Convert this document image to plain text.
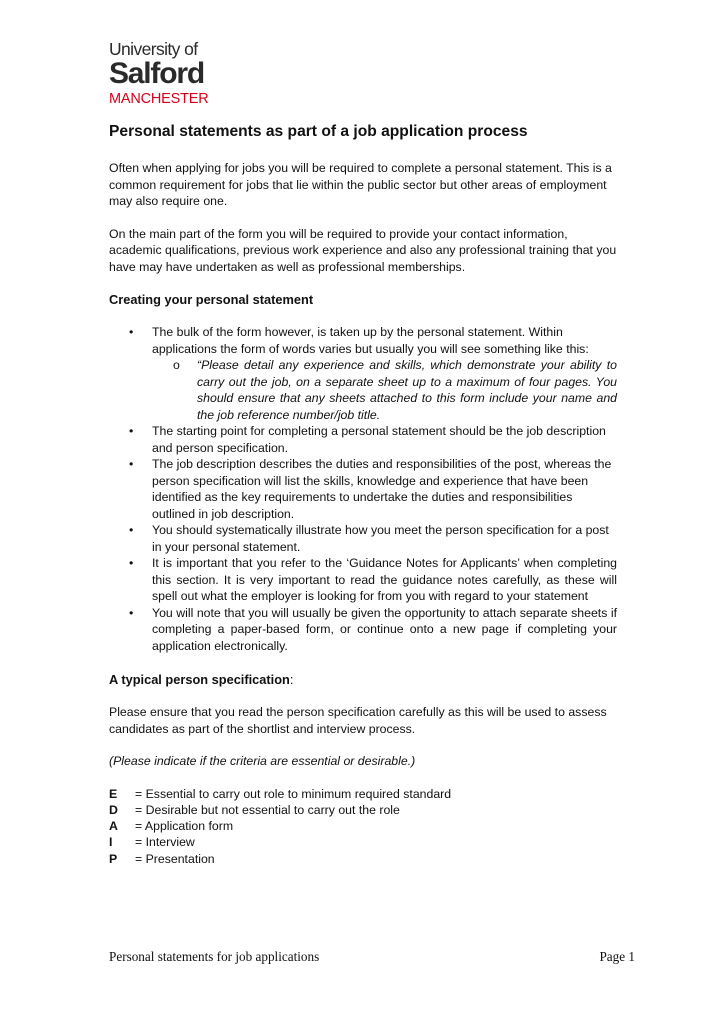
University of
Salford
MANCHESTER
Personal statements as part of a job application process

Often when applying for jobs you will be required to complete a personal statement. This is a common requirement for jobs that lie within the public sector but other areas of employment may also require one.

On the main part of the form you will be required to provide your contact information, academic qualifications, previous work experience and also any professional training that you have may have undertaken as well as professional memberships.

Creating your personal statement
• The bulk of the form however, is taken up by the personal statement. Within applications the form of words varies but usually you will see something like this:
o “Please detail any experience and skills, which demonstrate your ability to carry out the job, on a separate sheet up to a maximum of four pages. You should ensure that any sheets attached to this form include your name and the job reference number/job title.
• The starting point for completing a personal statement should be the job description and person specification.
• The job description describes the duties and responsibilities of the post, whereas the person specification will list the skills, knowledge and experience that have been identified as the key requirements to undertake the duties and responsibilities outlined in job description.
• You should systematically illustrate how you meet the person specification for a post in your personal statement.
• It is important that you refer to the ‘Guidance Notes for Applicants’ when completing this section. It is very important to read the guidance notes carefully, as these will spell out what the employer is looking for from you with regard to your statement
• You will note that you will usually be given the opportunity to attach separate sheets if completing a paper-based form, or continue onto a new page if completing your application electronically.
A typical person specification:

Please ensure that you read the person specification carefully as this will be used to assess candidates as part of the shortlist and interview process.

(Please indicate if the criteria are essential or desirable.)

E	= Essential to carry out role to minimum required standard
D	= Desirable but not essential to carry out the role
A	= Application form
I	= Interview
P	= Presentation
Personal statements for job applications	Page 1
